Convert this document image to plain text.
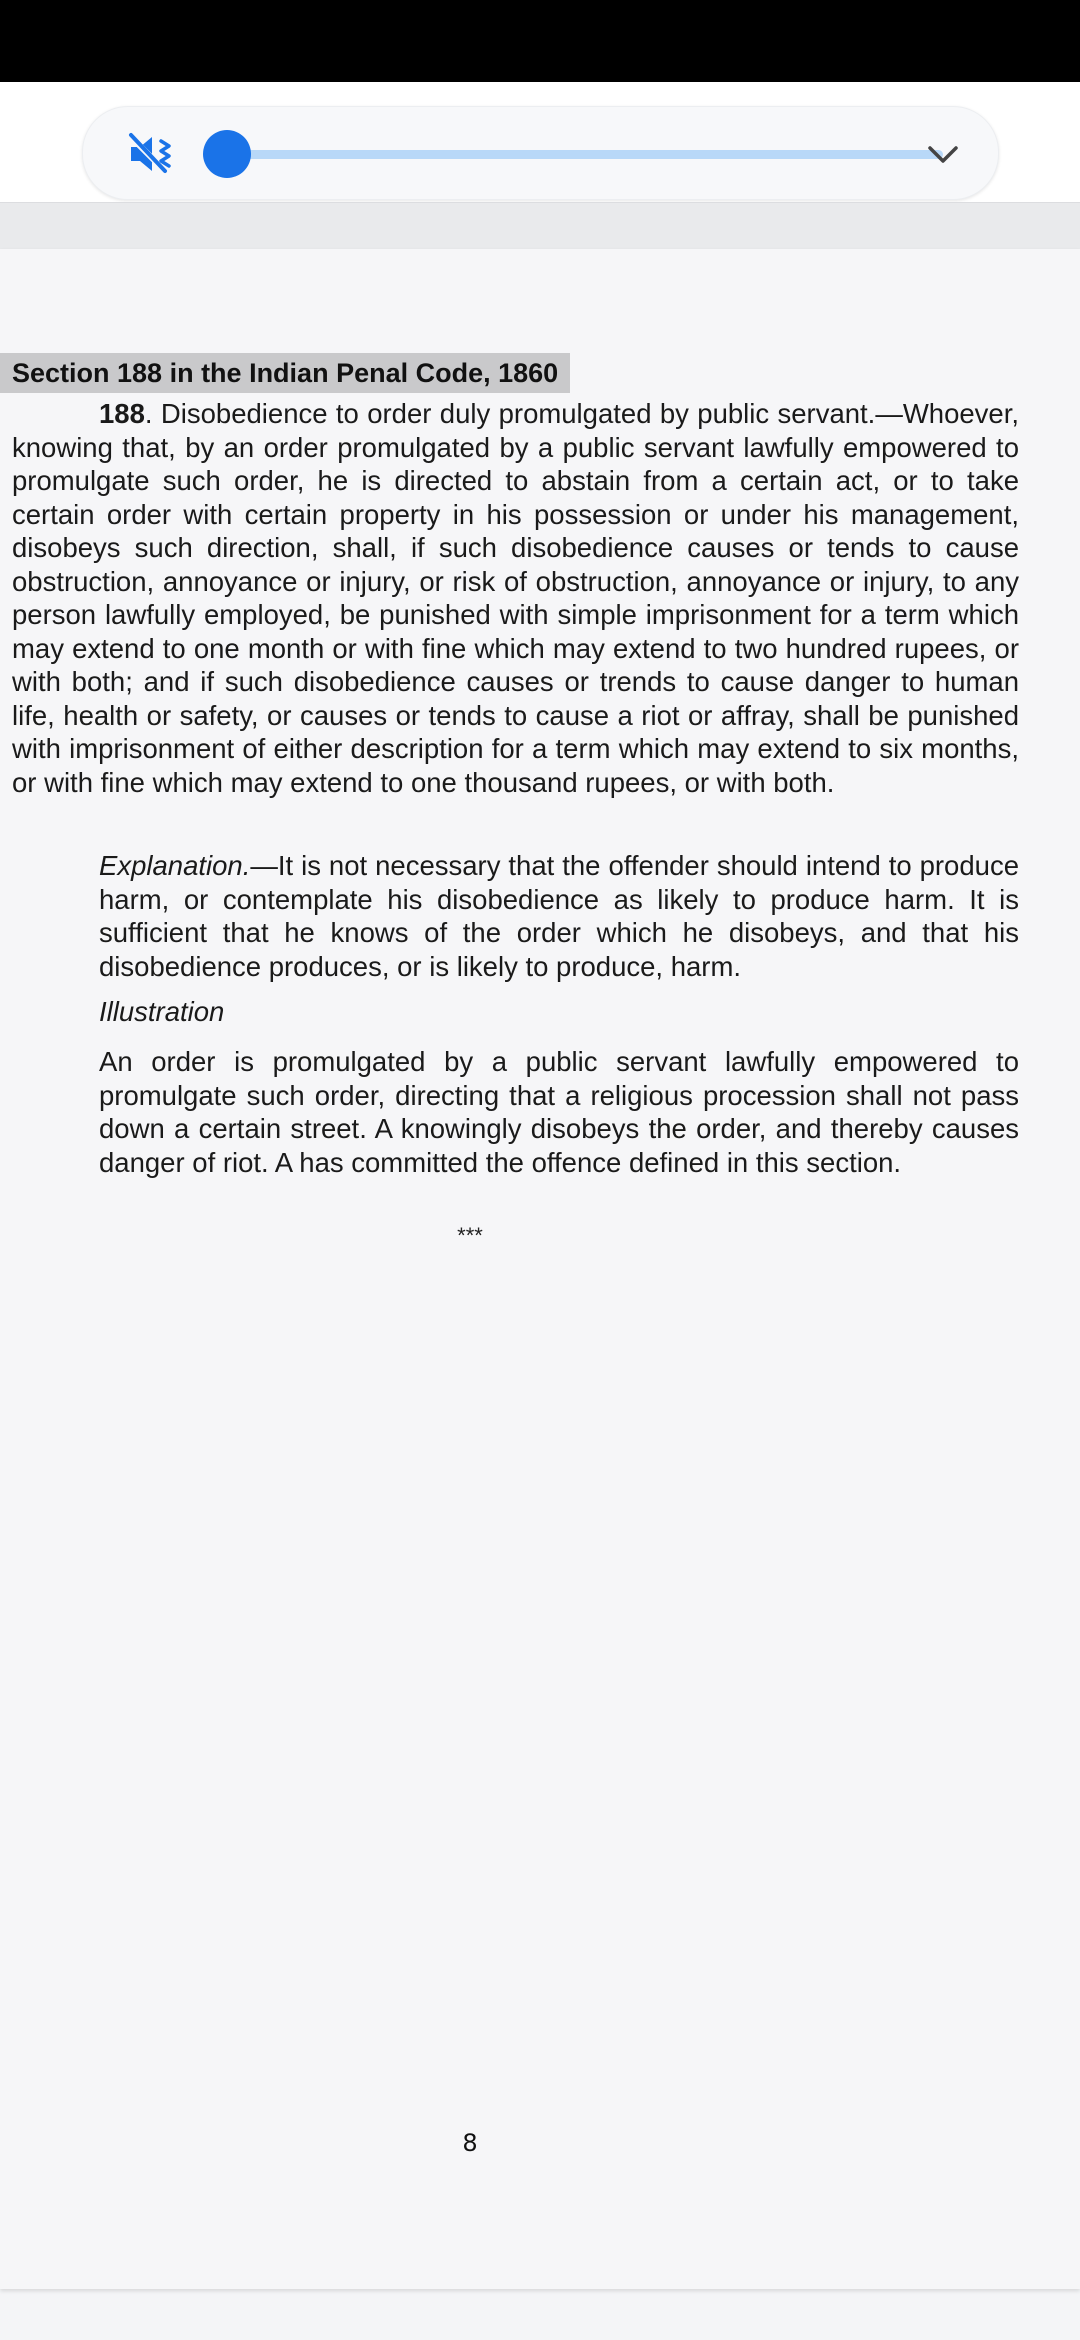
Section 188 in the Indian Penal Code, 1860

188. Disobedience to order duly promulgated by public servant.—Whoever, knowing that, by an order promulgated by a public servant lawfully empowered to promulgate such order, he is directed to abstain from a certain act, or to take certain order with certain property in his possession or under his management, disobeys such direction, shall, if such disobedience causes or tends to cause obstruction, annoyance or injury, or risk of obstruction, annoyance or injury, to any person lawfully employed, be punished with simple imprisonment for a term which may extend to one month or with fine which may extend to two hundred rupees, or with both; and if such disobedience causes or trends to cause danger to human life, health or safety, or causes or tends to cause a riot or affray, shall be punished with imprisonment of either description for a term which may extend to six months, or with fine which may extend to one thousand rupees, or with both.

Explanation.—It is not necessary that the offender should intend to produce harm, or contemplate his disobedience as likely to produce harm. It is sufficient that he knows of the order which he disobeys, and that his disobedience produces, or is likely to produce, harm.

Illustration

An order is promulgated by a public servant lawfully empowered to promulgate such order, directing that a religious procession shall not pass down a certain street. A knowingly disobeys the order, and thereby causes danger of riot. A has committed the offence defined in this section.

***
8
